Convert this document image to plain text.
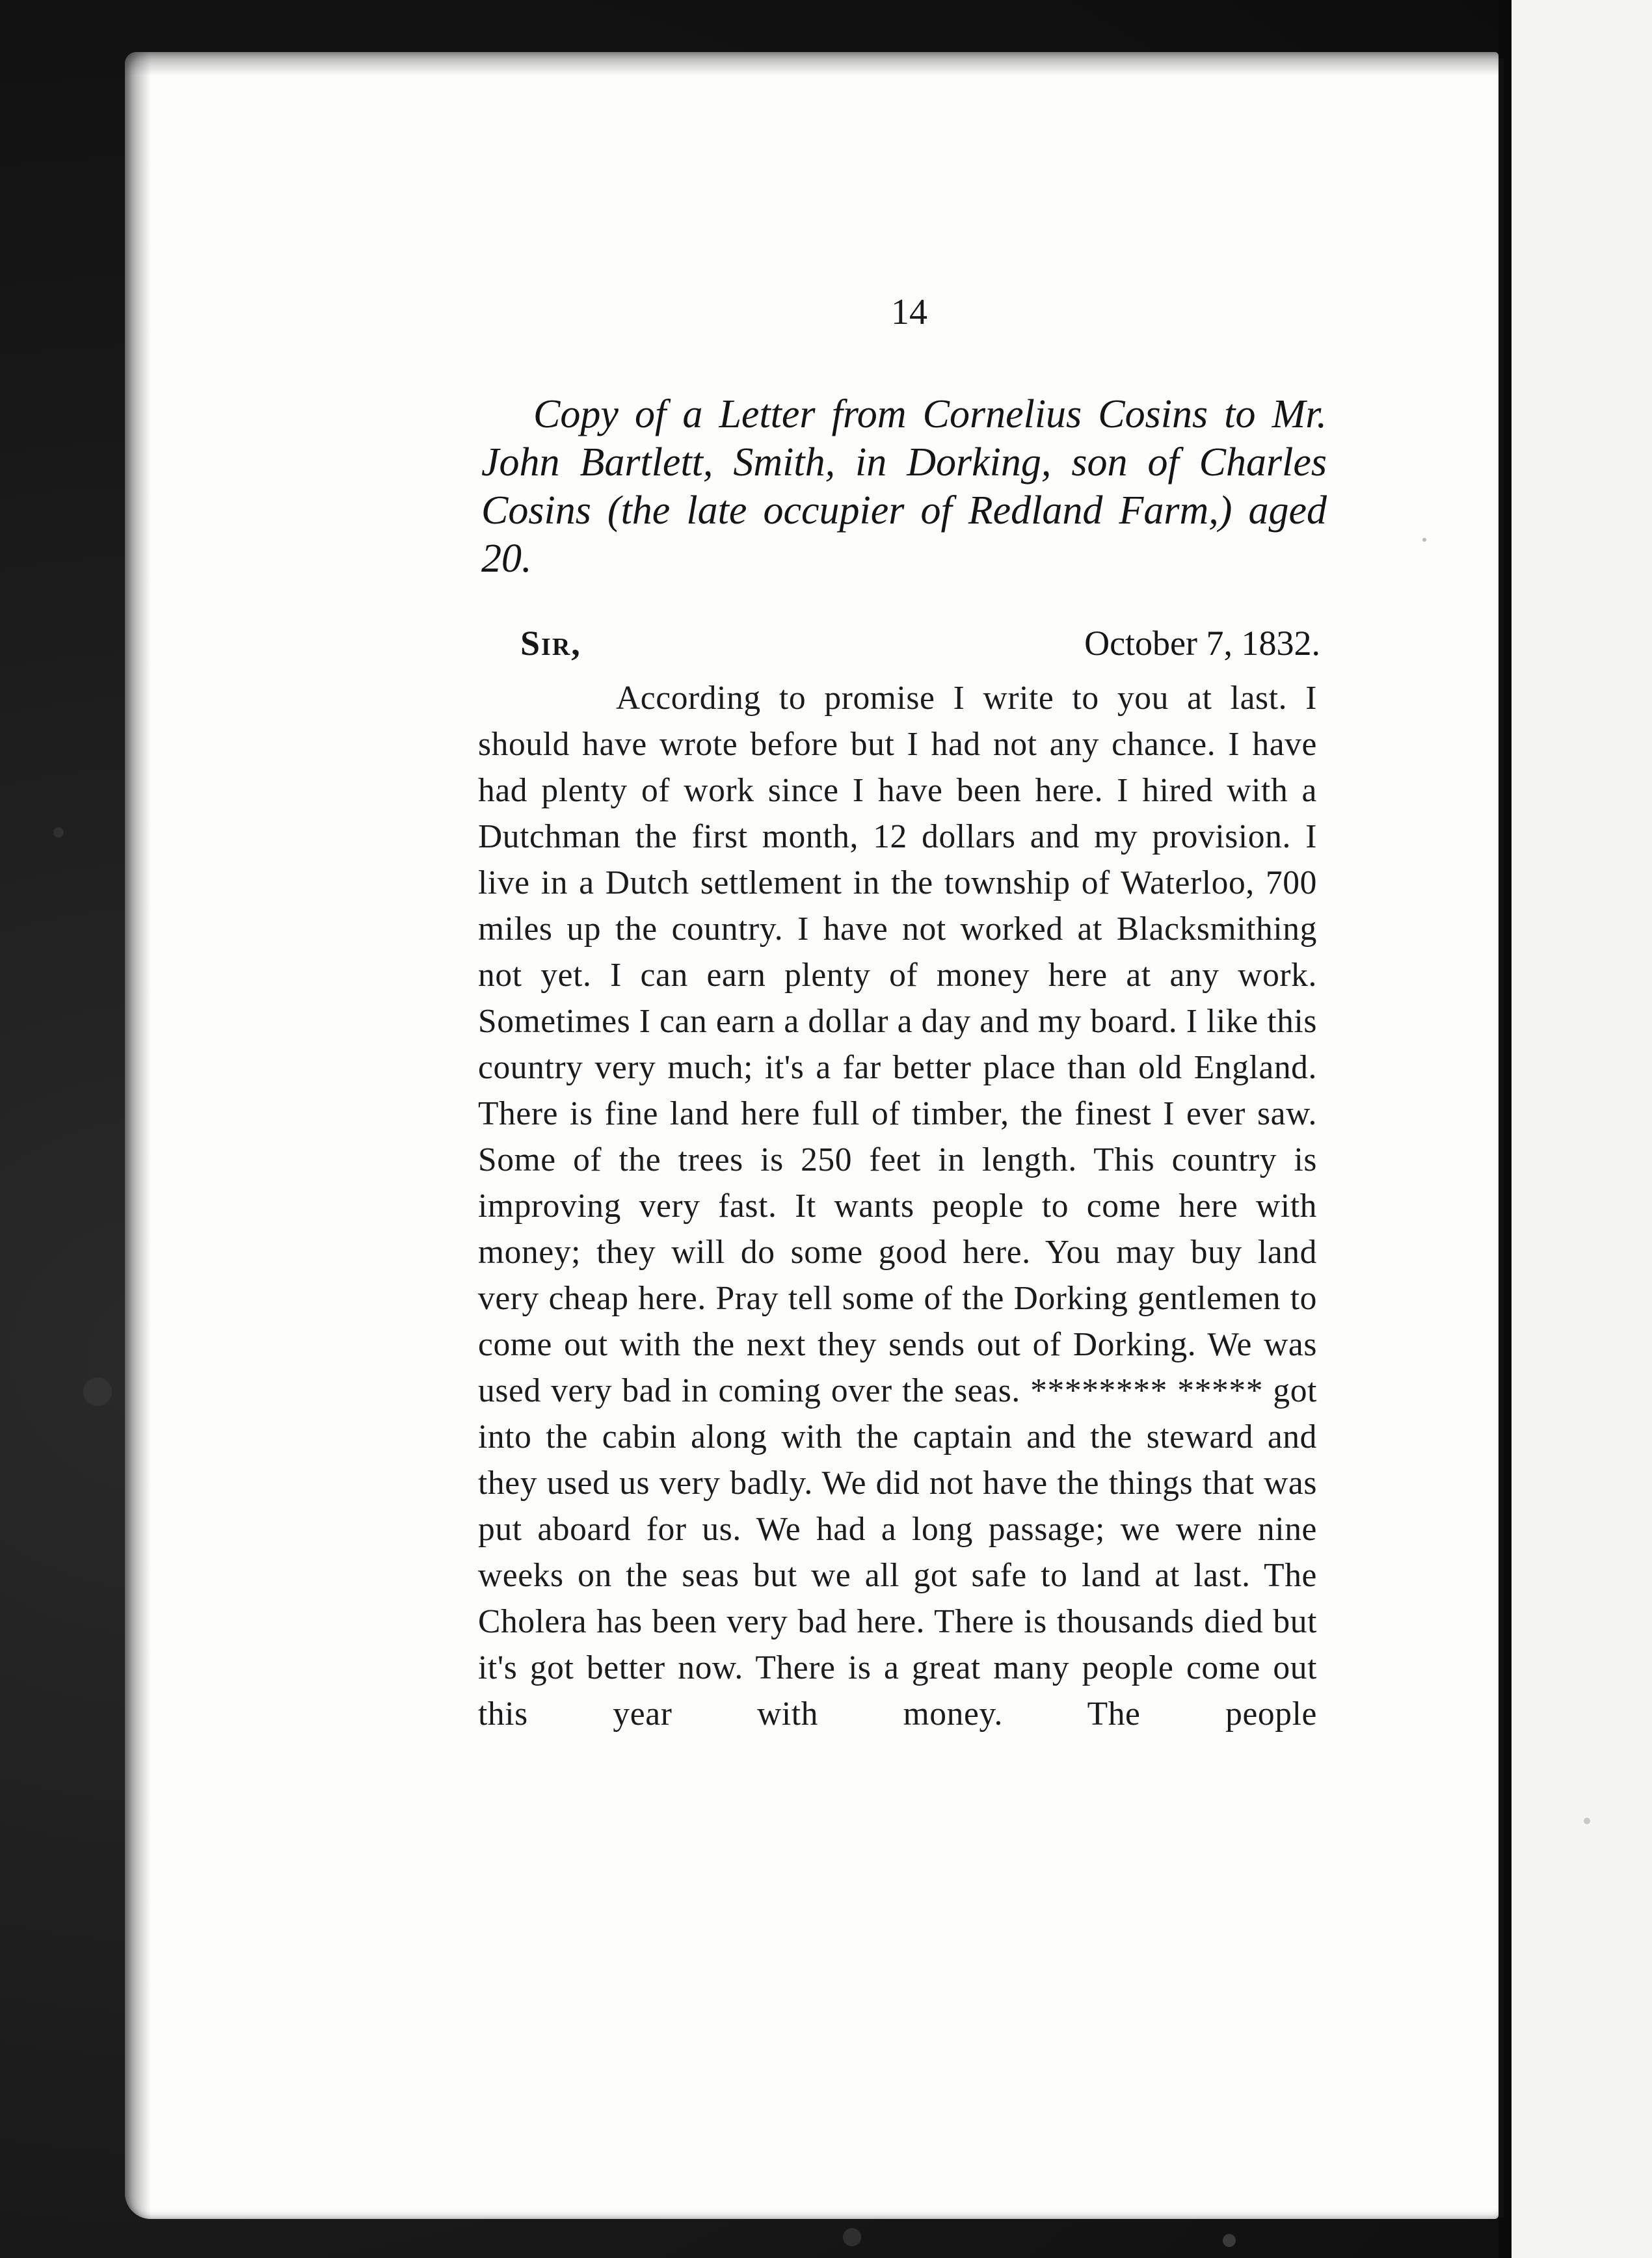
14
Copy of a Letter from Cornelius Cosins to Mr. John Bartlett, Smith, in Dorking, son of Charles Cosins (the late occupier of Redland Farm,) aged 20.
Sir,	October 7, 1832.
According to promise I write to you at last. I should have wrote before but I had not any chance. I have had plenty of work since I have been here. I hired with a Dutchman the first month, 12 dollars and my provision. I live in a Dutch settlement in the township of Waterloo, 700 miles up the country. I have not worked at Blacksmithing not yet. I can earn plenty of money here at any work. Sometimes I can earn a dollar a day and my board. I like this country very much; it's a far better place than old England. There is fine land here full of timber, the finest I ever saw. Some of the trees is 250 feet in length. This country is improving very fast. It wants people to come here with money; they will do some good here. You may buy land very cheap here. Pray tell some of the Dorking gentlemen to come out with the next they sends out of Dorking. We was used very bad in coming over the seas. ******** ***** got into the cabin along with the captain and the steward and they used us very badly. We did not have the things that was put aboard for us. We had a long passage; we were nine weeks on the seas but we all got safe to land at last. The Cholera has been very bad here. There is thousands died but it's got better now. There is a great many people come out this year with money. The people
